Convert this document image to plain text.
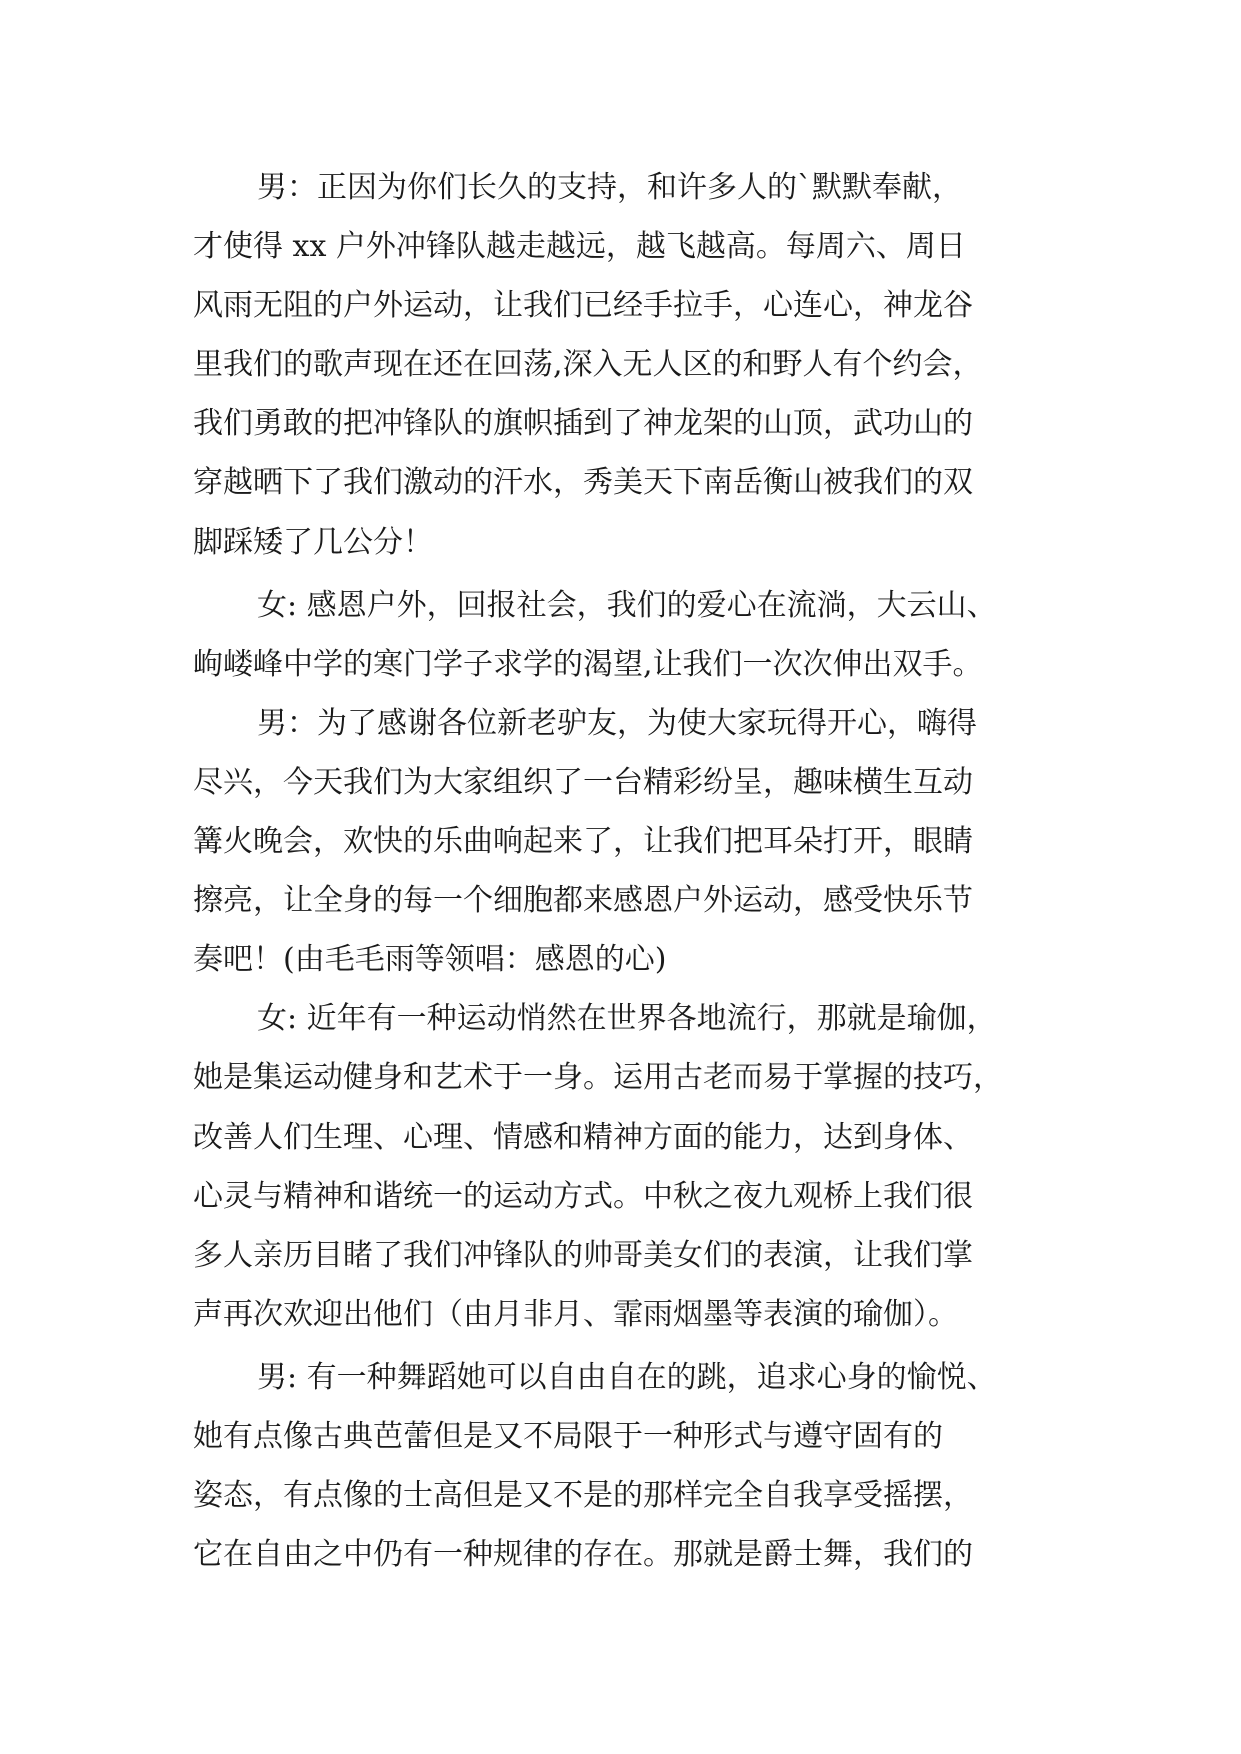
男：正因为你们长久的支持，和许多人的`默默奉献，
才使得 xx 户外冲锋队越走越远，越飞越高。每周六、周日
风雨无阻的户外运动，让我们已经手拉手，心连心，神龙谷
里我们的歌声现在还在回荡,深入无人区的和野人有个约会，
我们勇敢的把冲锋队的旗帜插到了神龙架的山顶，武功山的
穿越晒下了我们激动的汗水，秀美天下南岳衡山被我们的双
脚踩矮了几公分！
女: 感恩户外，回报社会，我们的爱心在流淌，大云山、
岣嵝峰中学的寒门学子求学的渴望,让我们一次次伸出双手。
男：为了感谢各位新老驴友，为使大家玩得开心，嗨得
尽兴，今天我们为大家组织了一台精彩纷呈，趣味横生互动
篝火晚会，欢快的乐曲响起来了，让我们把耳朵打开，眼睛
擦亮，让全身的每一个细胞都来感恩户外运动，感受快乐节
奏吧！(由毛毛雨等领唱：感恩的心)
女: 近年有一种运动悄然在世界各地流行，那就是瑜伽，
她是集运动健身和艺术于一身。运用古老而易于掌握的技巧，
改善人们生理、心理、情感和精神方面的能力，达到身体、
心灵与精神和谐统一的运动方式。中秋之夜九观桥上我们很
多人亲历目睹了我们冲锋队的帅哥美女们的表演，让我们掌
声再次欢迎出他们（由月非月、霏雨烟墨等表演的瑜伽）。
男: 有一种舞蹈她可以自由自在的跳，追求心身的愉悦、
她有点像古典芭蕾但是又不局限于一种形式与遵守固有的
姿态，有点像的士高但是又不是的那样完全自我享受摇摆，
它在自由之中仍有一种规律的存在。那就是爵士舞，我们的
